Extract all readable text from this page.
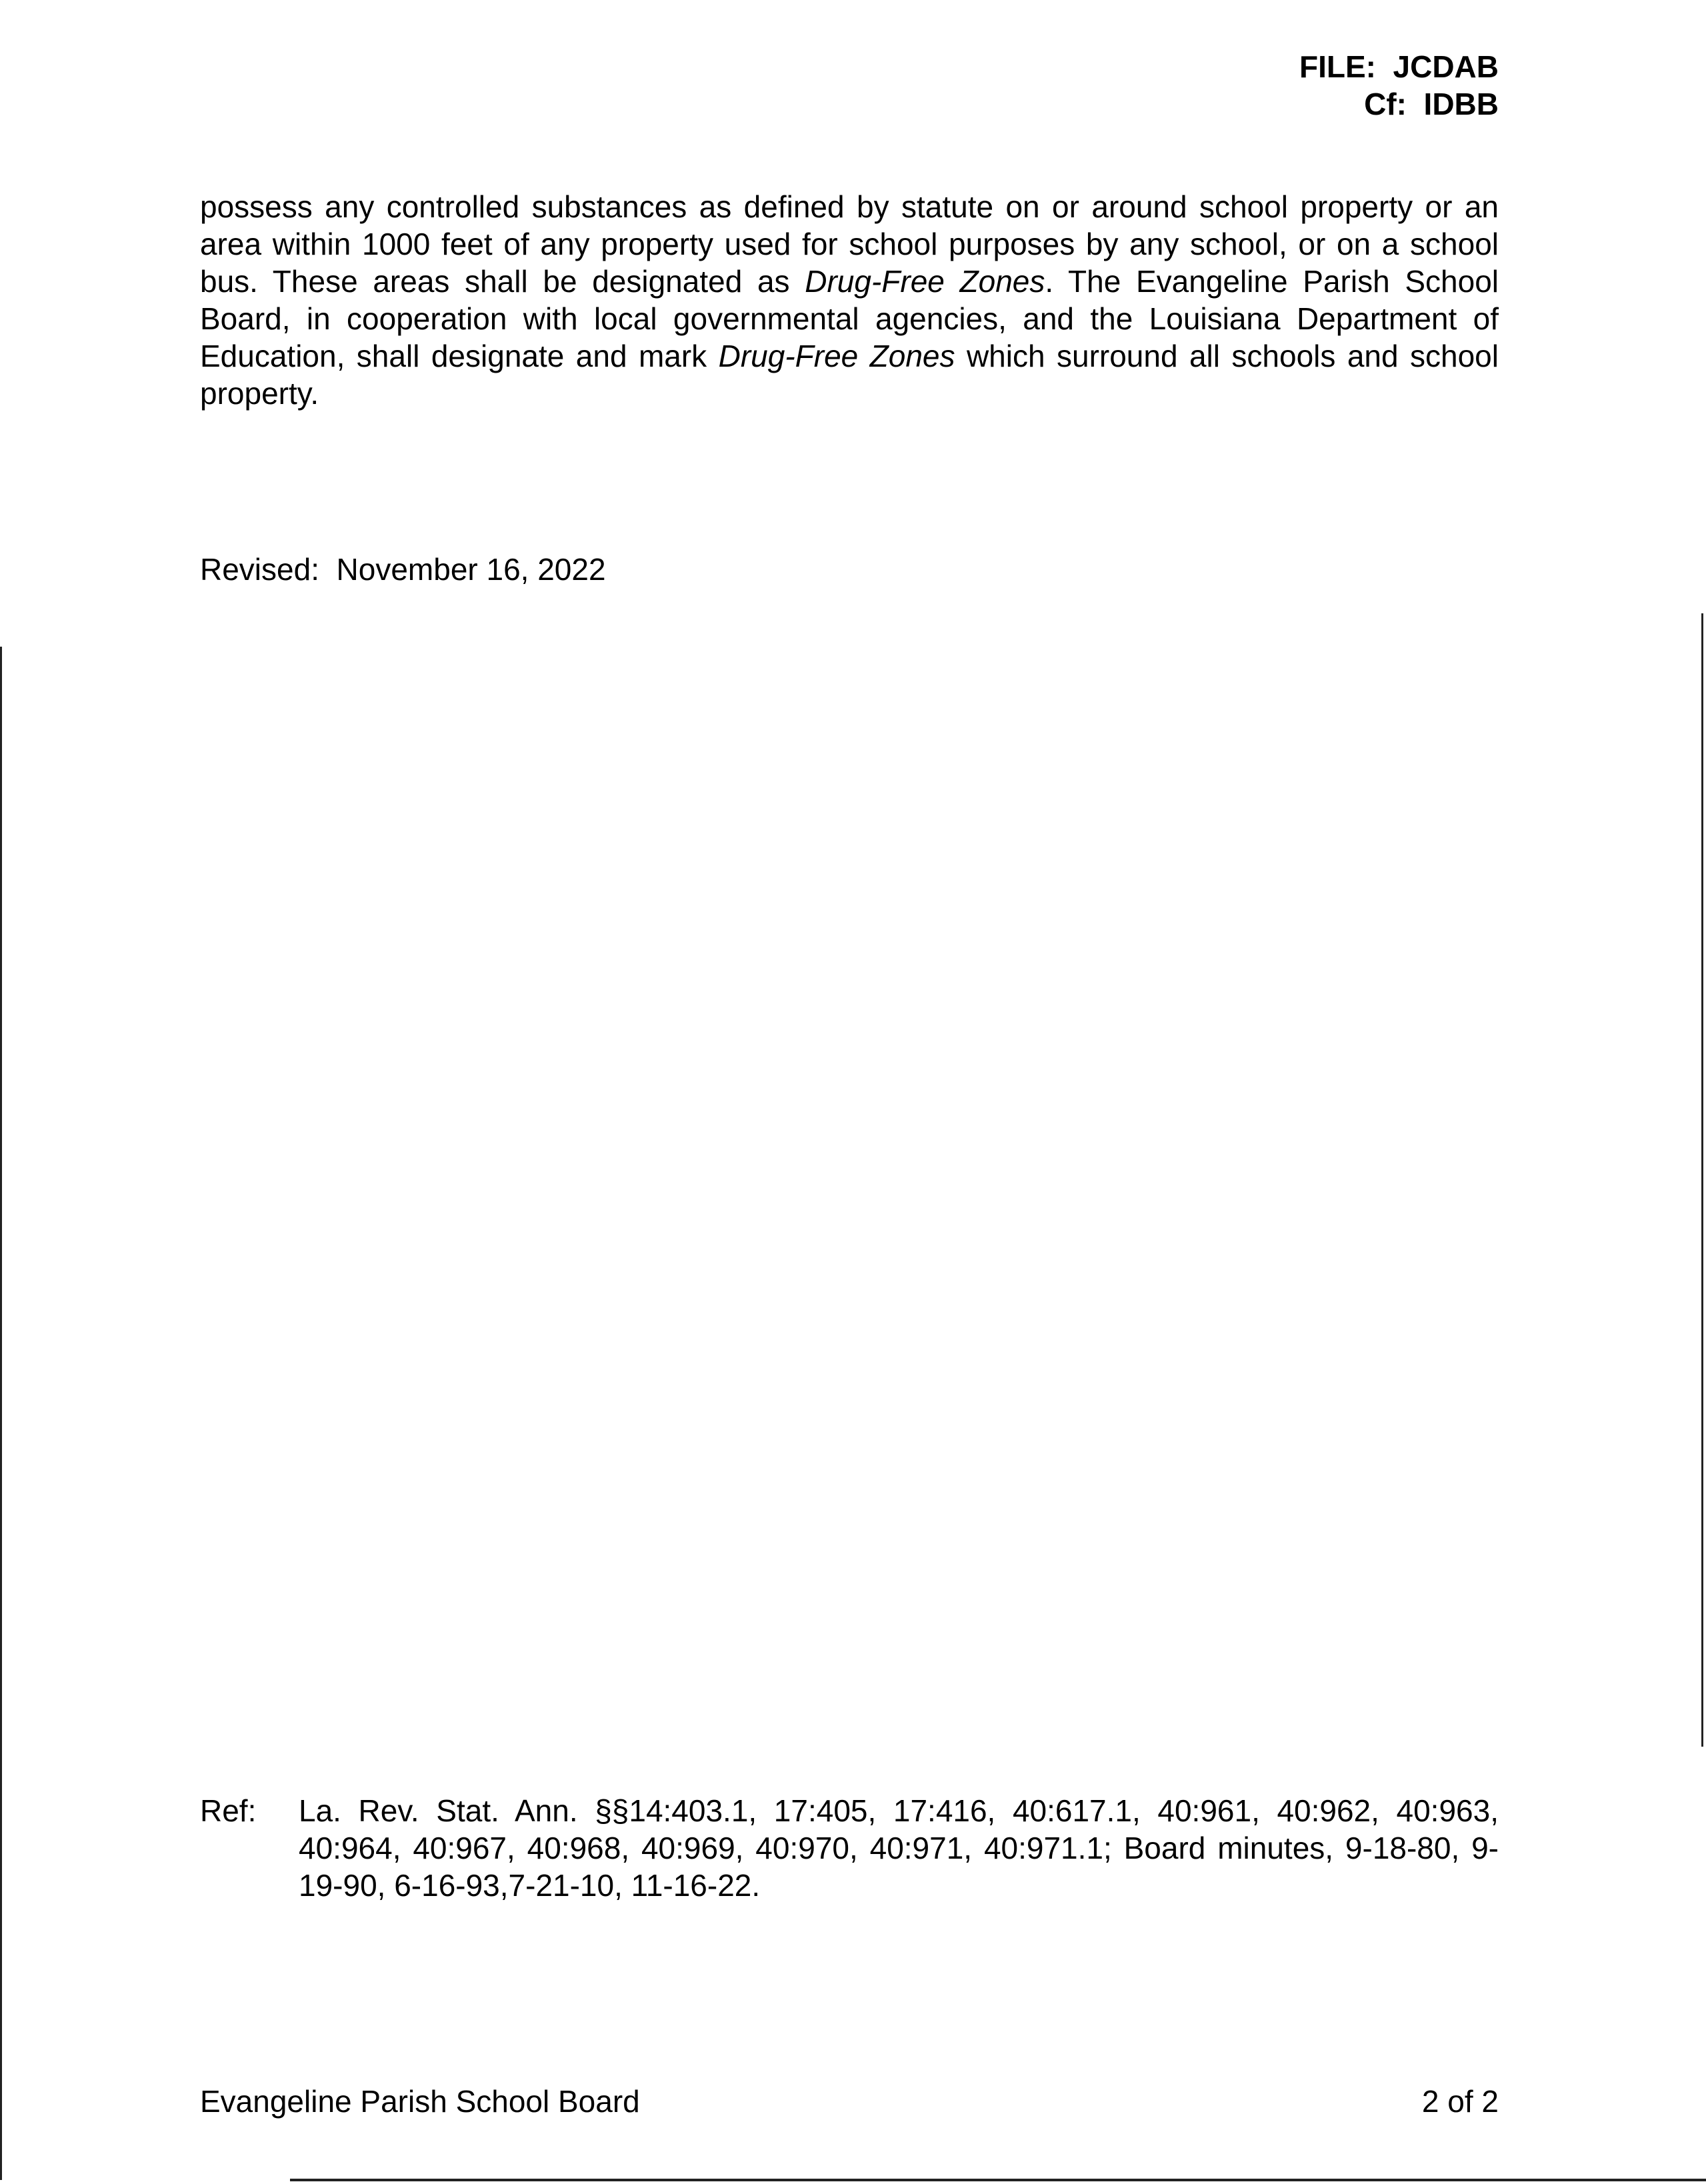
FILE: JCDAB
Cf: IDBB
possess any controlled substances as defined by statute on or around school property or an area within 1000 feet of any property used for school purposes by any school, or on a school bus. These areas shall be designated as Drug-Free Zones. The Evangeline Parish School Board, in cooperation with local governmental agencies, and the Louisiana Department of Education, shall designate and mark Drug-Free Zones which surround all schools and school property.
Revised: November 16, 2022
Ref:	La. Rev. Stat. Ann. §§14:403.1, 17:405, 17:416, 40:617.1, 40:961, 40:962, 40:963, 40:964, 40:967, 40:968, 40:969, 40:970, 40:971, 40:971.1; Board minutes, 9-18-80, 9-19-90, 6-16-93,7-21-10, 11-16-22.
Evangeline Parish School Board	2 of 2
